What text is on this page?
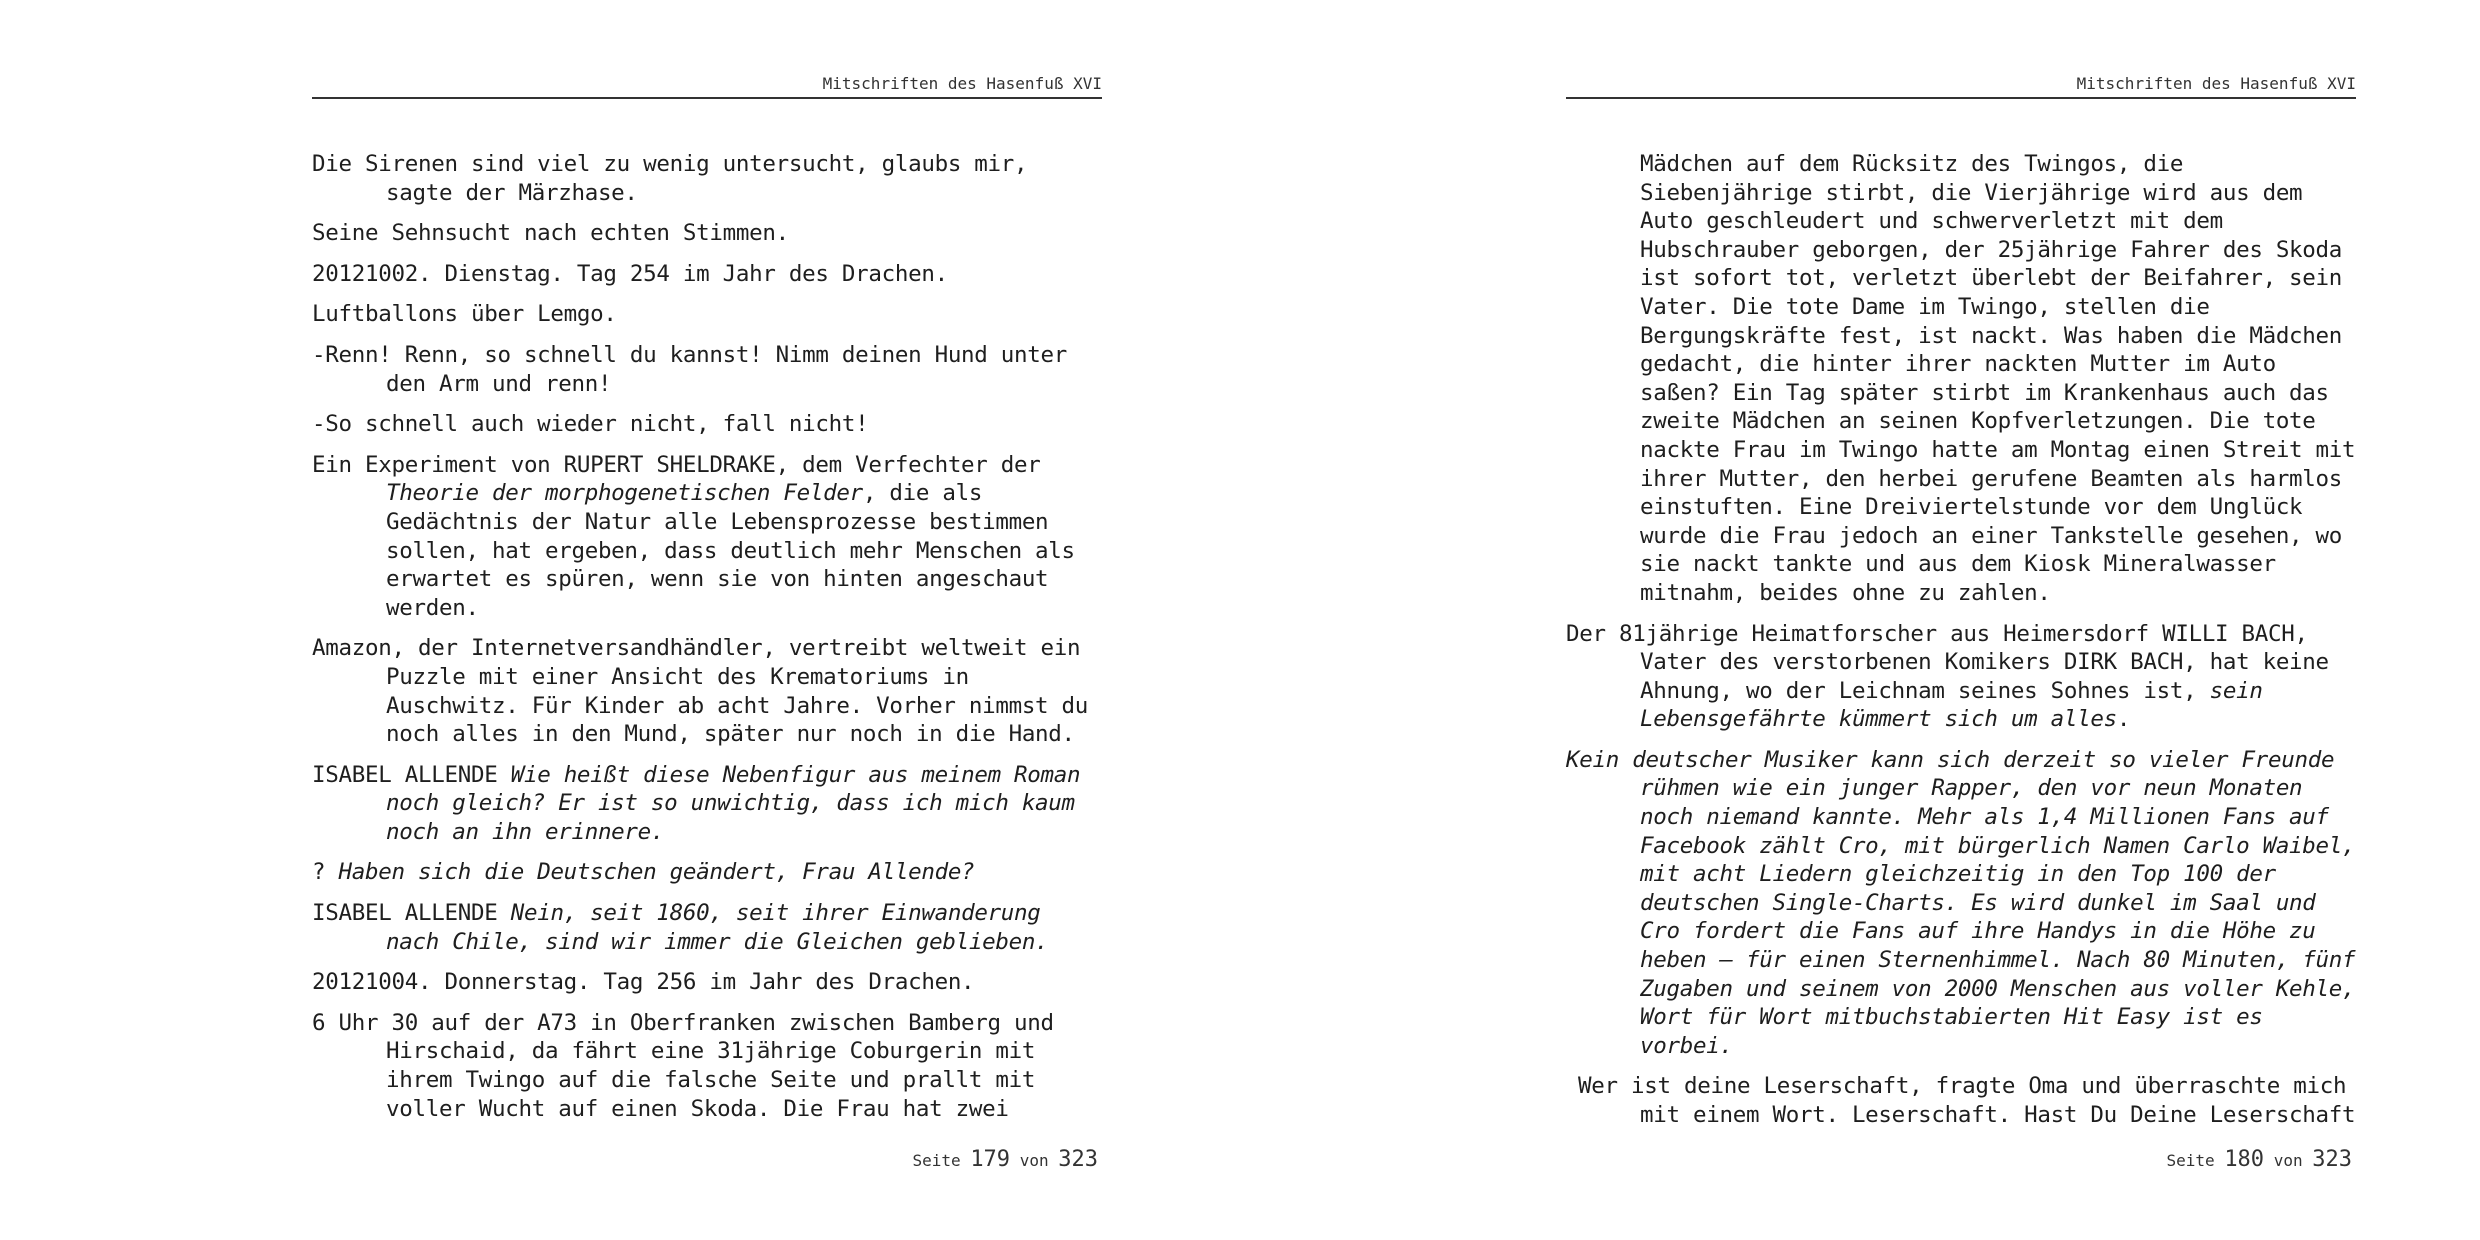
Mitschriften des Hasenfuß XVI

Die Sirenen sind viel zu wenig untersucht, glaubs mir, sagte der Märzhase.

Seine Sehnsucht nach echten Stimmen.

20121002. Dienstag. Tag 254 im Jahr des Drachen.

Luftballons über Lemgo.

-Renn! Renn, so schnell du kannst! Nimm deinen Hund unter den Arm und renn!

-So schnell auch wieder nicht, fall nicht!

Ein Experiment von RUPERT SHELDRAKE, dem Verfechter der Theorie der morphogenetischen Felder, die als Gedächtnis der Natur alle Lebensprozesse bestimmen sollen, hat ergeben, dass deutlich mehr Menschen als erwartet es spüren, wenn sie von hinten angeschaut werden.

Amazon, der Internetversandhändler, vertreibt weltweit ein Puzzle mit einer Ansicht des Krematoriums in Auschwitz. Für Kinder ab acht Jahre. Vorher nimmst du noch alles in den Mund, später nur noch in die Hand.

ISABEL ALLENDE Wie heißt diese Nebenfigur aus meinem Roman noch gleich? Er ist so unwichtig, dass ich mich kaum noch an ihn erinnere.

? Haben sich die Deutschen geändert, Frau Allende?

ISABEL ALLENDE Nein, seit 1860, seit ihrer Einwanderung nach Chile, sind wir immer die Gleichen geblieben.

20121004. Donnerstag. Tag 256 im Jahr des Drachen.

6 Uhr 30 auf der A73 in Oberfranken zwischen Bamberg und Hirschaid, da fährt eine 31jährige Coburgerin mit ihrem Twingo auf die falsche Seite und prallt mit voller Wucht auf einen Skoda. Die Frau hat zwei

Seite 179 von 323
Mitschriften des Hasenfuß XVI

Mädchen auf dem Rücksitz des Twingos, die Siebenjährige stirbt, die Vierjährige wird aus dem Auto geschleudert und schwerverletzt mit dem Hubschrauber geborgen, der 25jährige Fahrer des Skoda ist sofort tot, verletzt überlebt der Beifahrer, sein Vater. Die tote Dame im Twingo, stellen die Bergungskräfte fest, ist nackt. Was haben die Mädchen gedacht, die hinter ihrer nackten Mutter im Auto saßen? Ein Tag später stirbt im Krankenhaus auch das zweite Mädchen an seinen Kopfverletzungen. Die tote nackte Frau im Twingo hatte am Montag einen Streit mit ihrer Mutter, den herbei gerufene Beamten als harmlos einstuften. Eine Dreiviertelstunde vor dem Unglück wurde die Frau jedoch an einer Tankstelle gesehen, wo sie nackt tankte und aus dem Kiosk Mineralwasser mitnahm, beides ohne zu zahlen.

Der 81jährige Heimatforscher aus Heimersdorf WILLI BACH, Vater des verstorbenen Komikers DIRK BACH, hat keine Ahnung, wo der Leichnam seines Sohnes ist, sein Lebensgefährte kümmert sich um alles.

Kein deutscher Musiker kann sich derzeit so vieler Freunde rühmen wie ein junger Rapper, den vor neun Monaten noch niemand kannte. Mehr als 1,4 Millionen Fans auf Facebook zählt Cro, mit bürgerlich Namen Carlo Waibel, mit acht Liedern gleichzeitig in den Top 100 der deutschen Single-Charts. Es wird dunkel im Saal und Cro fordert die Fans auf ihre Handys in die Höhe zu heben – für einen Sternenhimmel. Nach 80 Minuten, fünf Zugaben und seinem von 2000 Menschen aus voller Kehle, Wort für Wort mitbuchstabierten Hit Easy ist es vorbei.

Wer ist deine Leserschaft, fragte Oma und überraschte mich mit einem Wort. Leserschaft. Hast Du Deine Leserschaft

Seite 180 von 323
